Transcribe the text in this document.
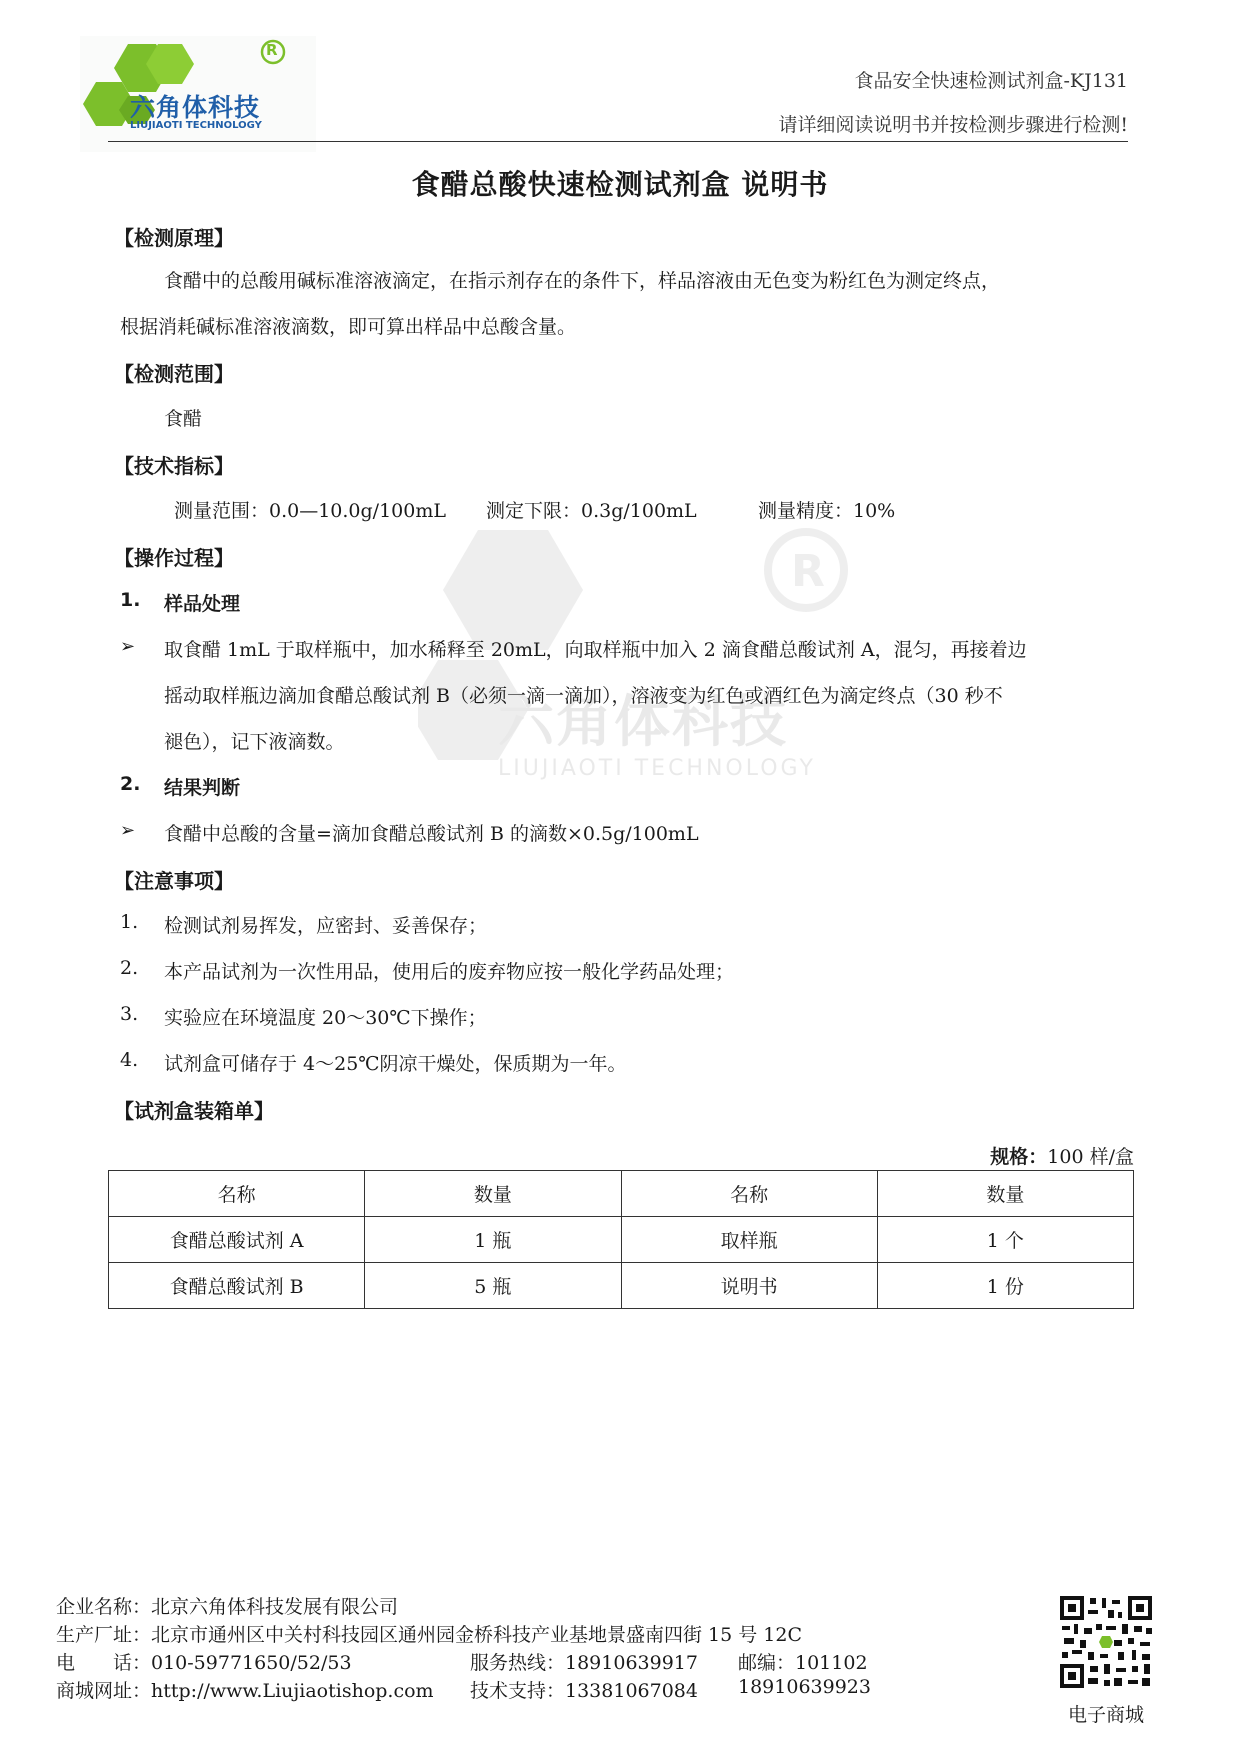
R
六角体科技
LIUJIAOTI TECHNOLOGY
食品安全快速检测试剂盒-KJ131
请详细阅读说明书并按检测步骤进行检测!
R
六角体科技
LIUJIAOTI TECHNOLOGY
食醋总酸快速检测试剂盒 说明书
【检测原理】
食醋中的总酸用碱标准溶液滴定，在指示剂存在的条件下，样品溶液由无色变为粉红色为测定终点，
根据消耗碱标准溶液滴数，即可算出样品中总酸含量。
【检测范围】
食醋
【技术指标】
测量范围：0.0—10.0g/100mL 测定下限：0.3g/100mL	测量精度：10%
【操作过程】
1. 样品处理
➢ 取食醋 1mL 于取样瓶中，加水稀释至 20mL，向取样瓶中加入 2 滴食醋总酸试剂 A，混匀，再接着边
摇动取样瓶边滴加食醋总酸试剂 B（必须一滴一滴加），溶液变为红色或酒红色为滴定终点（30 秒不
褪色），记下液滴数。
2. 结果判断
➢ 食醋中总酸的含量=滴加食醋总酸试剂 B 的滴数×0.5g/100mL
【注意事项】
1. 检测试剂易挥发，应密封、妥善保存；
2. 本产品试剂为一次性用品，使用后的废弃物应按一般化学药品处理；
3. 实验应在环境温度 20～30℃下操作；
4. 试剂盒可储存于 4～25℃阴凉干燥处，保质期为一年。
【试剂盒装箱单】
规格：100 样/盒
名称	数量	名称	数量
食醋总酸试剂 A	1 瓶	取样瓶	1 个
食醋总酸试剂 B	5 瓶	说明书	1 份
企业名称：北京六角体科技发展有限公司
生产厂址：北京市通州区中关村科技园区通州园金桥科技产业基地景盛南四街 15 号 12C
电　　话：010-59771650/52/53	服务热线：18910639917 邮编：101102
商城网址：http://www.Liujiaotishop.com 技术支持：13381067084 18910639923
电子商城
